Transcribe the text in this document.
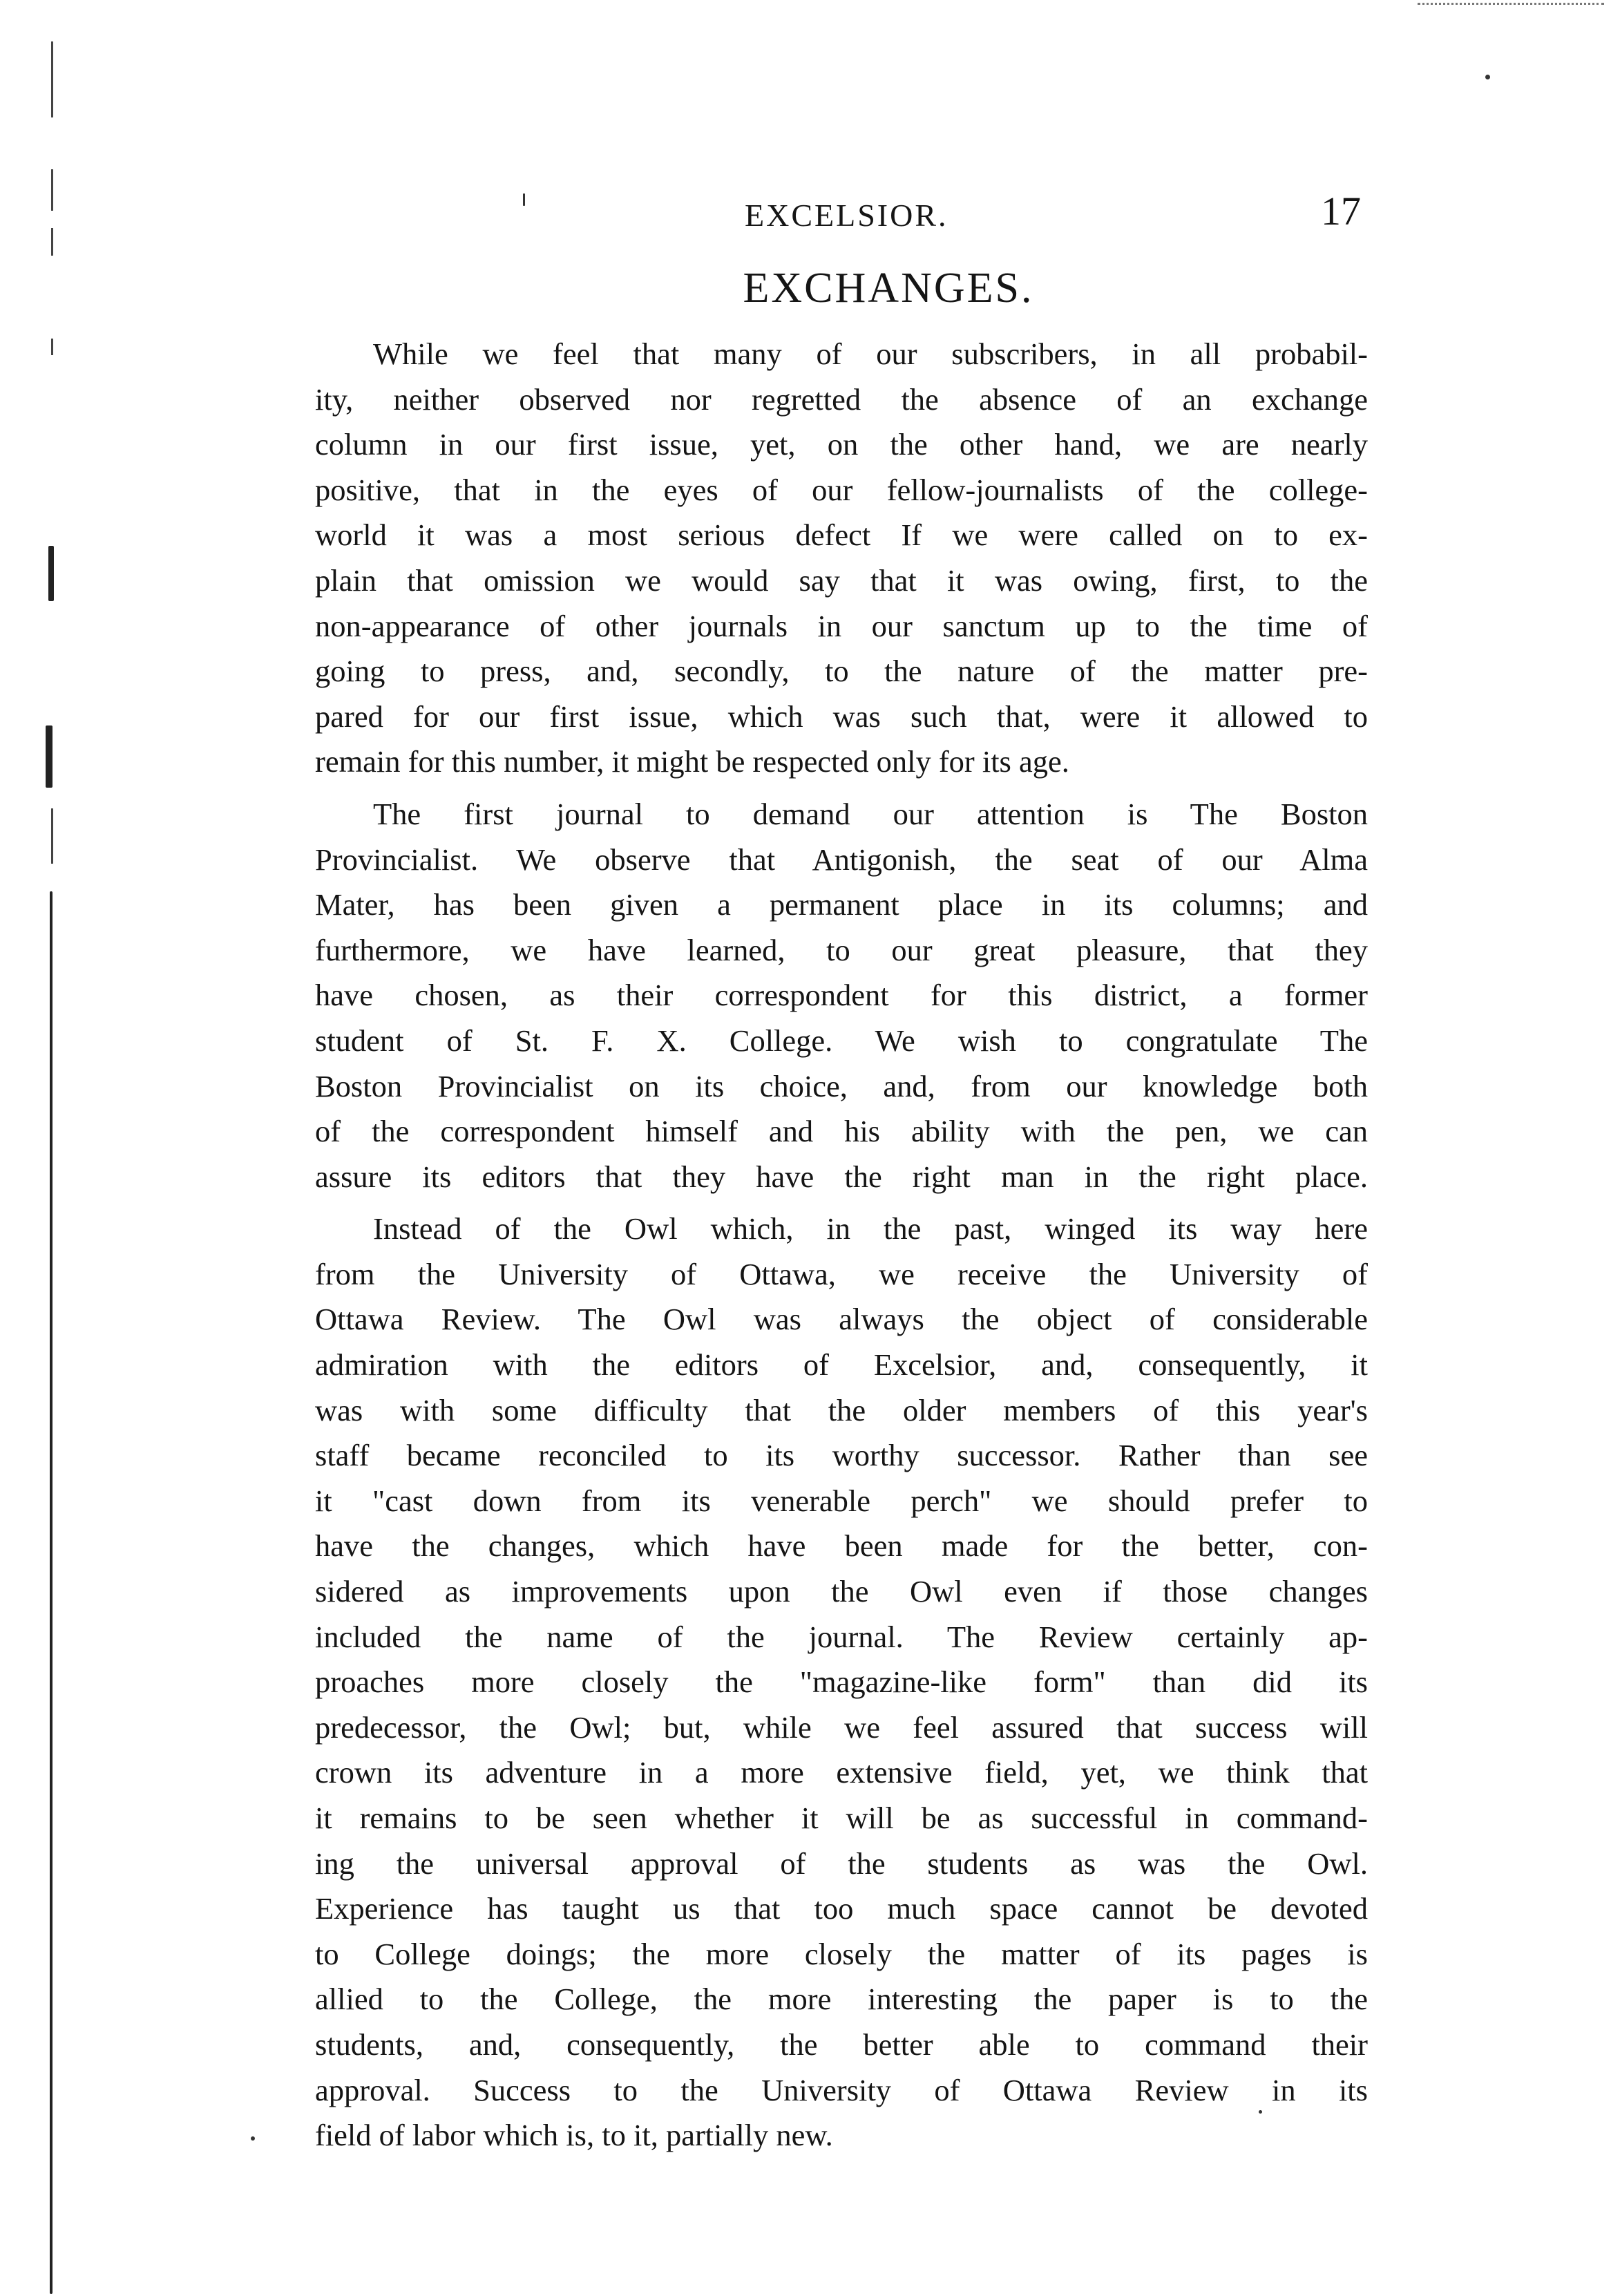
EXCELSIOR.	17
EXCHANGES.
While we feel that many of our subscribers, in all probabil-
ity, neither observed nor regretted the absence of an exchange
column in our first issue, yet, on the other hand, we are nearly
positive, that in the eyes of our fellow-journalists of the college-
world it was a most serious defect If we were called on to ex-
plain that omission we would say that it was owing, first, to the
non-appearance of other journals in our sanctum up to the time of
going to press, and, secondly, to the nature of the matter pre-
pared for our first issue, which was such that, were it allowed to
remain for this number, it might be respected only for its age.
The first journal to demand our attention is The Boston
Provincialist. We observe that Antigonish, the seat of our Alma
Mater, has been given a permanent place in its columns; and
furthermore, we have learned, to our great pleasure, that they
have chosen, as their correspondent for this district, a former
student of St. F. X. College. We wish to congratulate The
Boston Provincialist on its choice, and, from our knowledge both
of the correspondent himself and his ability with the pen, we can
assure its editors that they have the right man in the right place.
Instead of the Owl which, in the past, winged its way here
from the University of Ottawa, we receive the University of
Ottawa Review. The Owl was always the object of considerable
admiration with the editors of Excelsior, and, consequently, it
was with some difficulty that the older members of this year's
staff became reconciled to its worthy successor. Rather than see
it "cast down from its venerable perch" we should prefer to
have the changes, which have been made for the better, con-
sidered as improvements upon the Owl even if those changes
included the name of the journal. The Review certainly ap-
proaches more closely the "magazine-like form" than did its
predecessor, the Owl; but, while we feel assured that success will
crown its adventure in a more extensive field, yet, we think that
it remains to be seen whether it will be as successful in command-
ing the universal approval of the students as was the Owl.
Experience has taught us that too much space cannot be devoted
to College doings; the more closely the matter of its pages is
allied to the College, the more interesting the paper is to the
students, and, consequently, the better able to command their
approval. Success to the University of Ottawa Review in its
field of labor which is, to it, partially new.
